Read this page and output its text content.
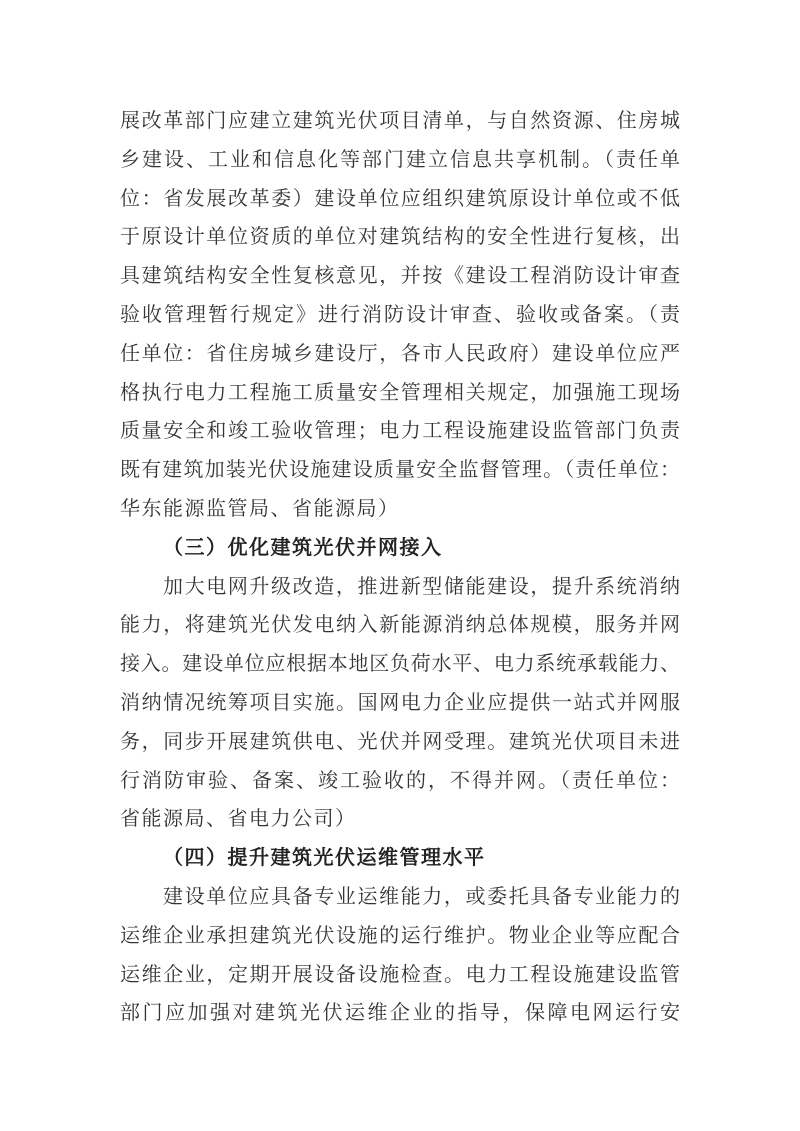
展改革部门应建立建筑光伏项目清单，与自然资源、住房城
乡建设、工业和信息化等部门建立信息共享机制。（责任单
位：省发展改革委）建设单位应组织建筑原设计单位或不低
于原设计单位资质的单位对建筑结构的安全性进行复核，出
具建筑结构安全性复核意见，并按《建设工程消防设计审查
验收管理暂行规定》进行消防设计审查、验收或备案。（责
任单位：省住房城乡建设厅，各市人民政府）建设单位应严
格执行电力工程施工质量安全管理相关规定，加强施工现场
质量安全和竣工验收管理；电力工程设施建设监管部门负责
既有建筑加装光伏设施建设质量安全监督管理。（责任单位：
华东能源监管局、省能源局）
（三）优化建筑光伏并网接入
加大电网升级改造，推进新型储能建设，提升系统消纳
能力，将建筑光伏发电纳入新能源消纳总体规模，服务并网
接入。建设单位应根据本地区负荷水平、电力系统承载能力、
消纳情况统筹项目实施。国网电力企业应提供一站式并网服
务，同步开展建筑供电、光伏并网受理。建筑光伏项目未进
行消防审验、备案、竣工验收的，不得并网。（责任单位：
省能源局、省电力公司）
（四）提升建筑光伏运维管理水平
建设单位应具备专业运维能力，或委托具备专业能力的
运维企业承担建筑光伏设施的运行维护。物业企业等应配合
运维企业，定期开展设备设施检查。电力工程设施建设监管
部门应加强对建筑光伏运维企业的指导，保障电网运行安
